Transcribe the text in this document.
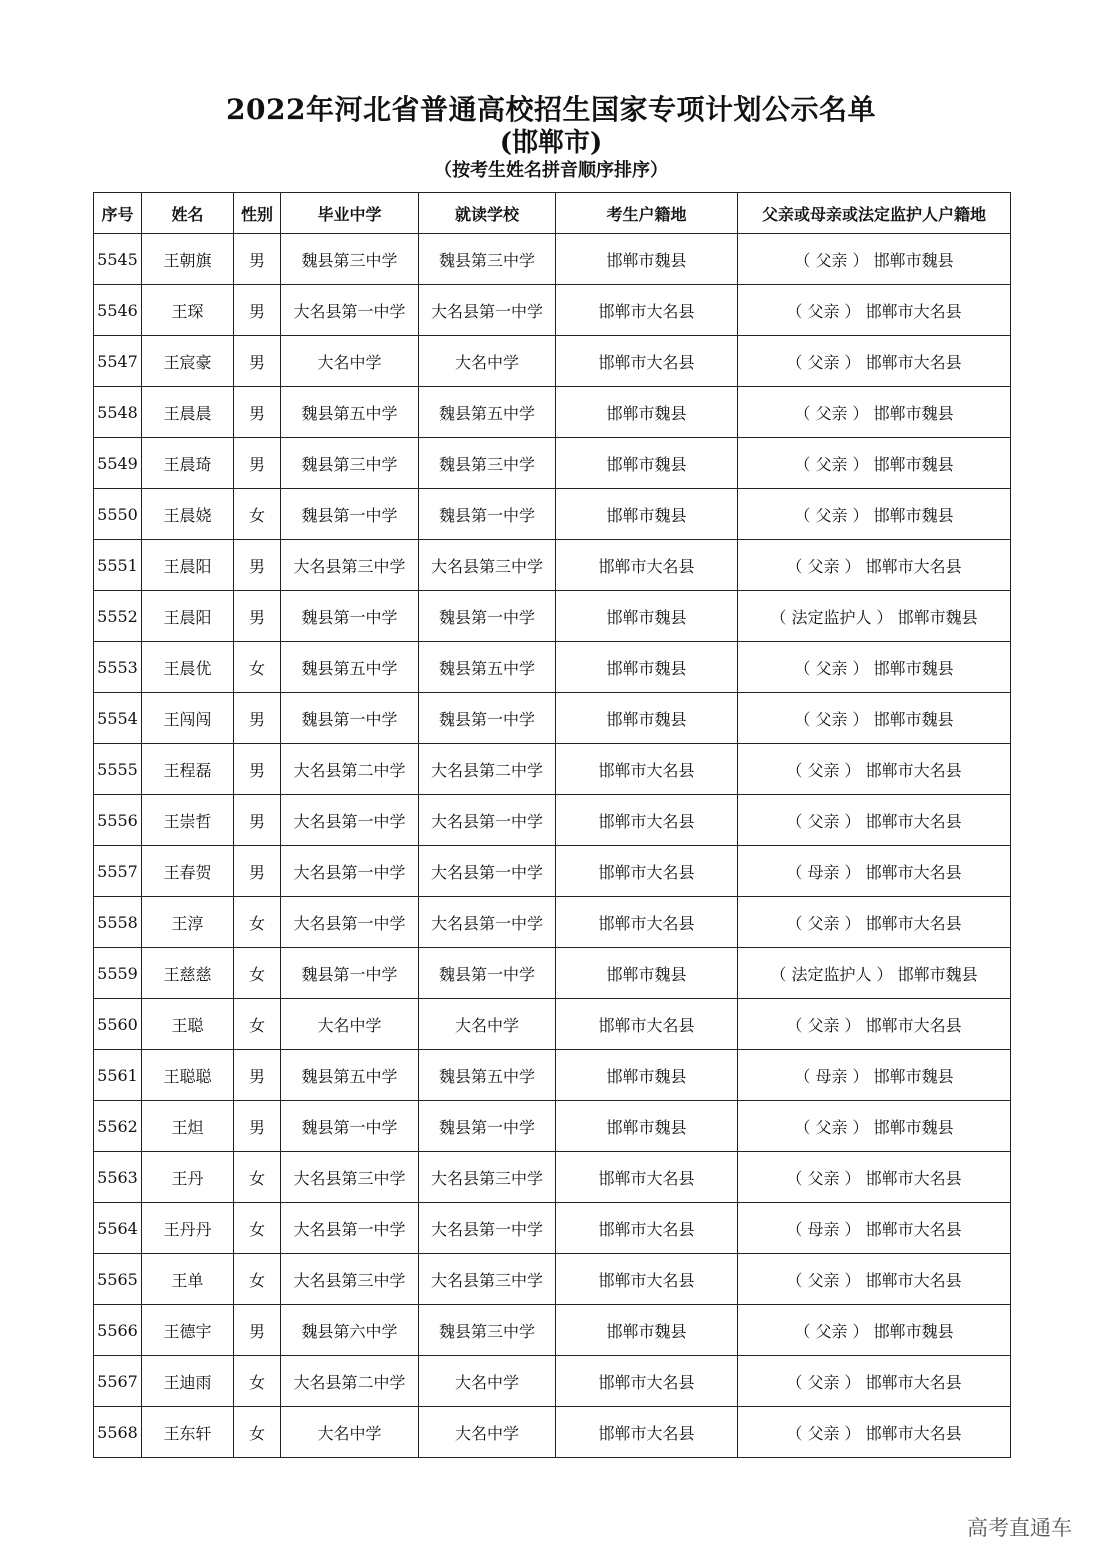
2022年河北省普通高校招生国家专项计划公示名单
(邯郸市)
（按考生姓名拼音顺序排序）
序号	姓名	性别	毕业中学	就读学校	考生户籍地	父亲或母亲或法定监护人户籍地
5545	王朝旗	男	魏县第三中学	魏县第三中学	邯郸市魏县	（ 父亲 ） 邯郸市魏县
5546	王琛	男	大名县第一中学	大名县第一中学	邯郸市大名县	（ 父亲 ） 邯郸市大名县
5547	王宸豪	男	大名中学	大名中学	邯郸市大名县	（ 父亲 ） 邯郸市大名县
5548	王晨晨	男	魏县第五中学	魏县第五中学	邯郸市魏县	（ 父亲 ） 邯郸市魏县
5549	王晨琦	男	魏县第三中学	魏县第三中学	邯郸市魏县	（ 父亲 ） 邯郸市魏县
5550	王晨娆	女	魏县第一中学	魏县第一中学	邯郸市魏县	（ 父亲 ） 邯郸市魏县
5551	王晨阳	男	大名县第三中学	大名县第三中学	邯郸市大名县	（ 父亲 ） 邯郸市大名县
5552	王晨阳	男	魏县第一中学	魏县第一中学	邯郸市魏县	（ 法定监护人 ） 邯郸市魏县
5553	王晨优	女	魏县第五中学	魏县第五中学	邯郸市魏县	（ 父亲 ） 邯郸市魏县
5554	王闯闯	男	魏县第一中学	魏县第一中学	邯郸市魏县	（ 父亲 ） 邯郸市魏县
5555	王程磊	男	大名县第二中学	大名县第二中学	邯郸市大名县	（ 父亲 ） 邯郸市大名县
5556	王崇哲	男	大名县第一中学	大名县第一中学	邯郸市大名县	（ 父亲 ） 邯郸市大名县
5557	王春贺	男	大名县第一中学	大名县第一中学	邯郸市大名县	（ 母亲 ） 邯郸市大名县
5558	王淳	女	大名县第一中学	大名县第一中学	邯郸市大名县	（ 父亲 ） 邯郸市大名县
5559	王慈慈	女	魏县第一中学	魏县第一中学	邯郸市魏县	（ 法定监护人 ） 邯郸市魏县
5560	王聪	女	大名中学	大名中学	邯郸市大名县	（ 父亲 ） 邯郸市大名县
5561	王聪聪	男	魏县第五中学	魏县第五中学	邯郸市魏县	（ 母亲 ） 邯郸市魏县
5562	王炟	男	魏县第一中学	魏县第一中学	邯郸市魏县	（ 父亲 ） 邯郸市魏县
5563	王丹	女	大名县第三中学	大名县第三中学	邯郸市大名县	（ 父亲 ） 邯郸市大名县
5564	王丹丹	女	大名县第一中学	大名县第一中学	邯郸市大名县	（ 母亲 ） 邯郸市大名县
5565	王单	女	大名县第三中学	大名县第三中学	邯郸市大名县	（ 父亲 ） 邯郸市大名县
5566	王德宇	男	魏县第六中学	魏县第三中学	邯郸市魏县	（ 父亲 ） 邯郸市魏县
5567	王迪雨	女	大名县第二中学	大名中学	邯郸市大名县	（ 父亲 ） 邯郸市大名县
5568	王东轩	女	大名中学	大名中学	邯郸市大名县	（ 父亲 ） 邯郸市大名县
高考直通车
